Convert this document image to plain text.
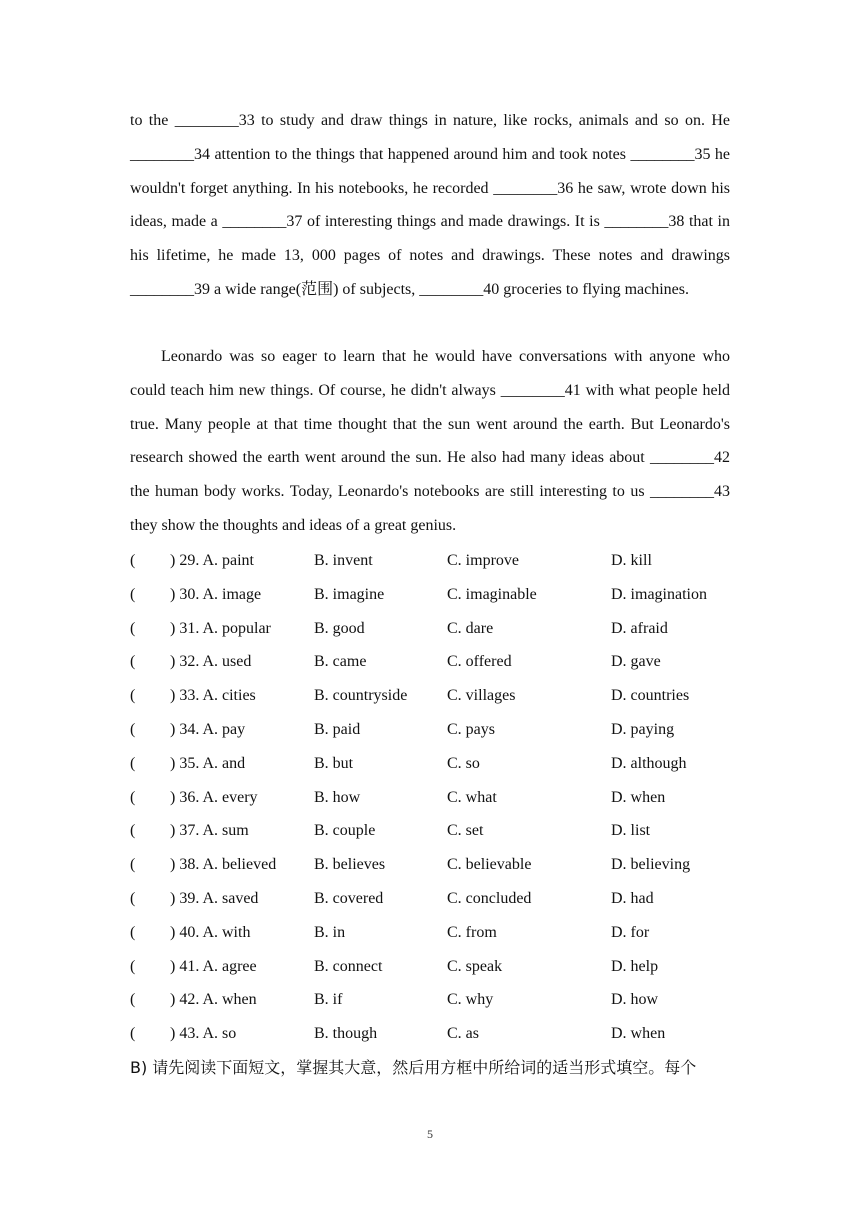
to the ________33 to study and draw things in nature, like rocks, animals and so on. He ________34 attention to the things that happened around him and took notes ________35 he wouldn't forget anything. In his notebooks, he recorded ________36 he saw, wrote down his ideas, made a ________37 of interesting things and made drawings. It is ________38 that in his lifetime, he made 13, 000 pages of notes and drawings. These notes and drawings ________39 a wide range(范围) of subjects, ________40 groceries to flying machines.

Leonardo was so eager to learn that he would have conversations with anyone who could teach him new things. Of course, he didn't always ________41 with what people held true. Many people at that time thought that the sun went around the earth. But Leonardo's research showed the earth went around the sun. He also had many ideas about ________42 the human body works. Today, Leonardo's notebooks are still interesting to us ________43 they show the thoughts and ideas of a great genius.

( ) 29. A. paint	B. invent	C. improve	D. kill
( ) 30. A. image	B. imagine	C. imaginable	D. imagination
( ) 31. A. popular	B. good	C. dare	D. afraid
( ) 32. A. used	B. came	C. offered	D. gave
( ) 33. A. cities	B. countryside C. villages	D. countries
( ) 34. A. pay	B. paid	C. pays	D. paying
( ) 35. A. and	B. but	C. so	D. although
( ) 36. A. every	B. how	C. what	D. when
( ) 37. A. sum	B. couple	C. set	D. list
( ) 38. A. believed B. believes	C. believable	D. believing
( ) 39. A. saved	B. covered	C. concluded	D. had
( ) 40. A. with	B. in	C. from	D. for
( ) 41. A. agree	B. connect	C. speak	D. help
( ) 42. A. when	B. if	C. why	D. how
( ) 43. A. so	B. though	C. as	D. when
B) 请先阅读下面短文，掌握其大意，然后用方框中所给词的适当形式填空。每个
5
